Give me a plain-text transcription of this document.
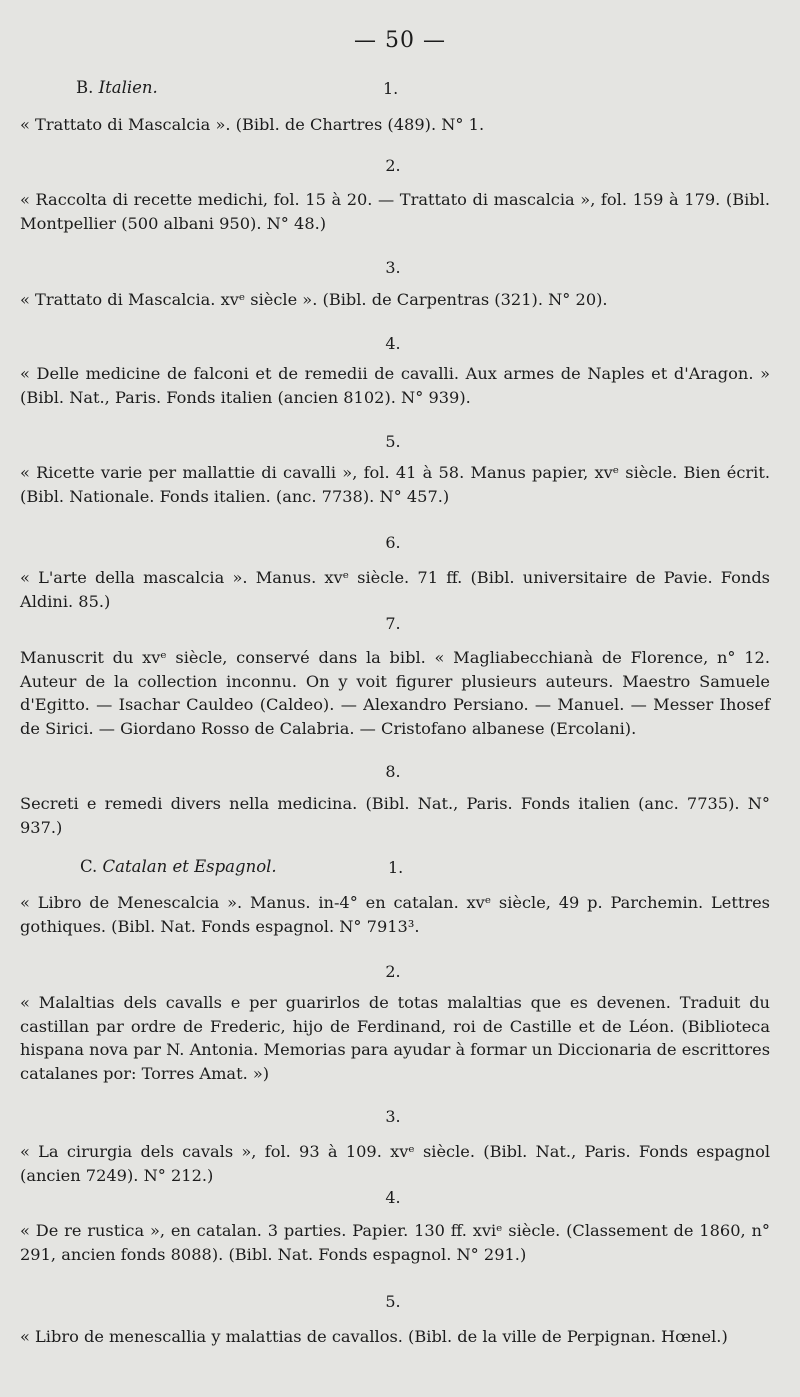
— 50 —
B. Italien.	1.

« Trattato di Mascalcia ». (Bibl. de Chartres (489). N° 1.

2.

« Raccolta di recette medichi, fol. 15 à 20. — Trattato di mascalcia », fol. 159 à 179. (Bibl. Montpellier (500 albani 950). N° 48.)

3.

« Trattato di Mascalcia. xvᵉ siècle ». (Bibl. de Carpentras (321). N° 20).

4.

« Delle medicine de falconi et de remedii de cavalli. Aux armes de Naples et d'Aragon. » (Bibl. Nat., Paris. Fonds italien (ancien 8102). N° 939).

5.

« Ricette varie per mallattie di cavalli », fol. 41 à 58. Manus papier, xvᵉ siècle. Bien écrit. (Bibl. Nationale. Fonds italien. (anc. 7738). N° 457.)

6.

« L'arte della mascalcia ». Manus. xvᵉ siècle. 71 ff. (Bibl. universitaire de Pavie. Fonds Aldini. 85.)

7.

Manuscrit du xvᵉ siècle, conservé dans la bibl. « Magliabecchianà de Florence, n° 12. Auteur de la collection inconnu. On y voit figurer plusieurs auteurs. Maestro Samuele d'Egitto. — Isachar Cauldeo (Caldeo). — Alexandro Persiano. — Manuel. — Messer Ihosef de Sirici. — Giordano Rosso de Calabria. — Cristofano albanese (Ercolani).

8.

Secreti e remedi divers nella medicina. (Bibl. Nat., Paris. Fonds italien (anc. 7735). N° 937.)

C. Catalan et Espagnol.	1.

« Libro de Menescalcia ». Manus. in-4° en catalan. xvᵉ siècle, 49 p. Parchemin. Lettres gothiques. (Bibl. Nat. Fonds espagnol. N° 7913³.

2.

« Malaltias dels cavalls e per guarirlos de totas malaltias que es devenen. Traduit du castillan par ordre de Frederic, hijo de Ferdinand, roi de Castille et de Léon. (Biblioteca hispana nova par N. Antonia. Memorias para ayudar à formar un Diccionaria de escrittores catalanes por: Torres Amat. »)

3.

« La cirurgia dels cavals », fol. 93 à 109. xvᵉ siècle. (Bibl. Nat., Paris. Fonds espagnol (ancien 7249). N° 212.)

4.

« De re rustica », en catalan. 3 parties. Papier. 130 ff. xviᵉ siècle. (Classement de 1860, n° 291, ancien fonds 8088). (Bibl. Nat. Fonds espagnol. N° 291.)

5.

« Libro de menescallia y malattias de cavallos. (Bibl. de la ville de Perpignan. Hœnel.)
